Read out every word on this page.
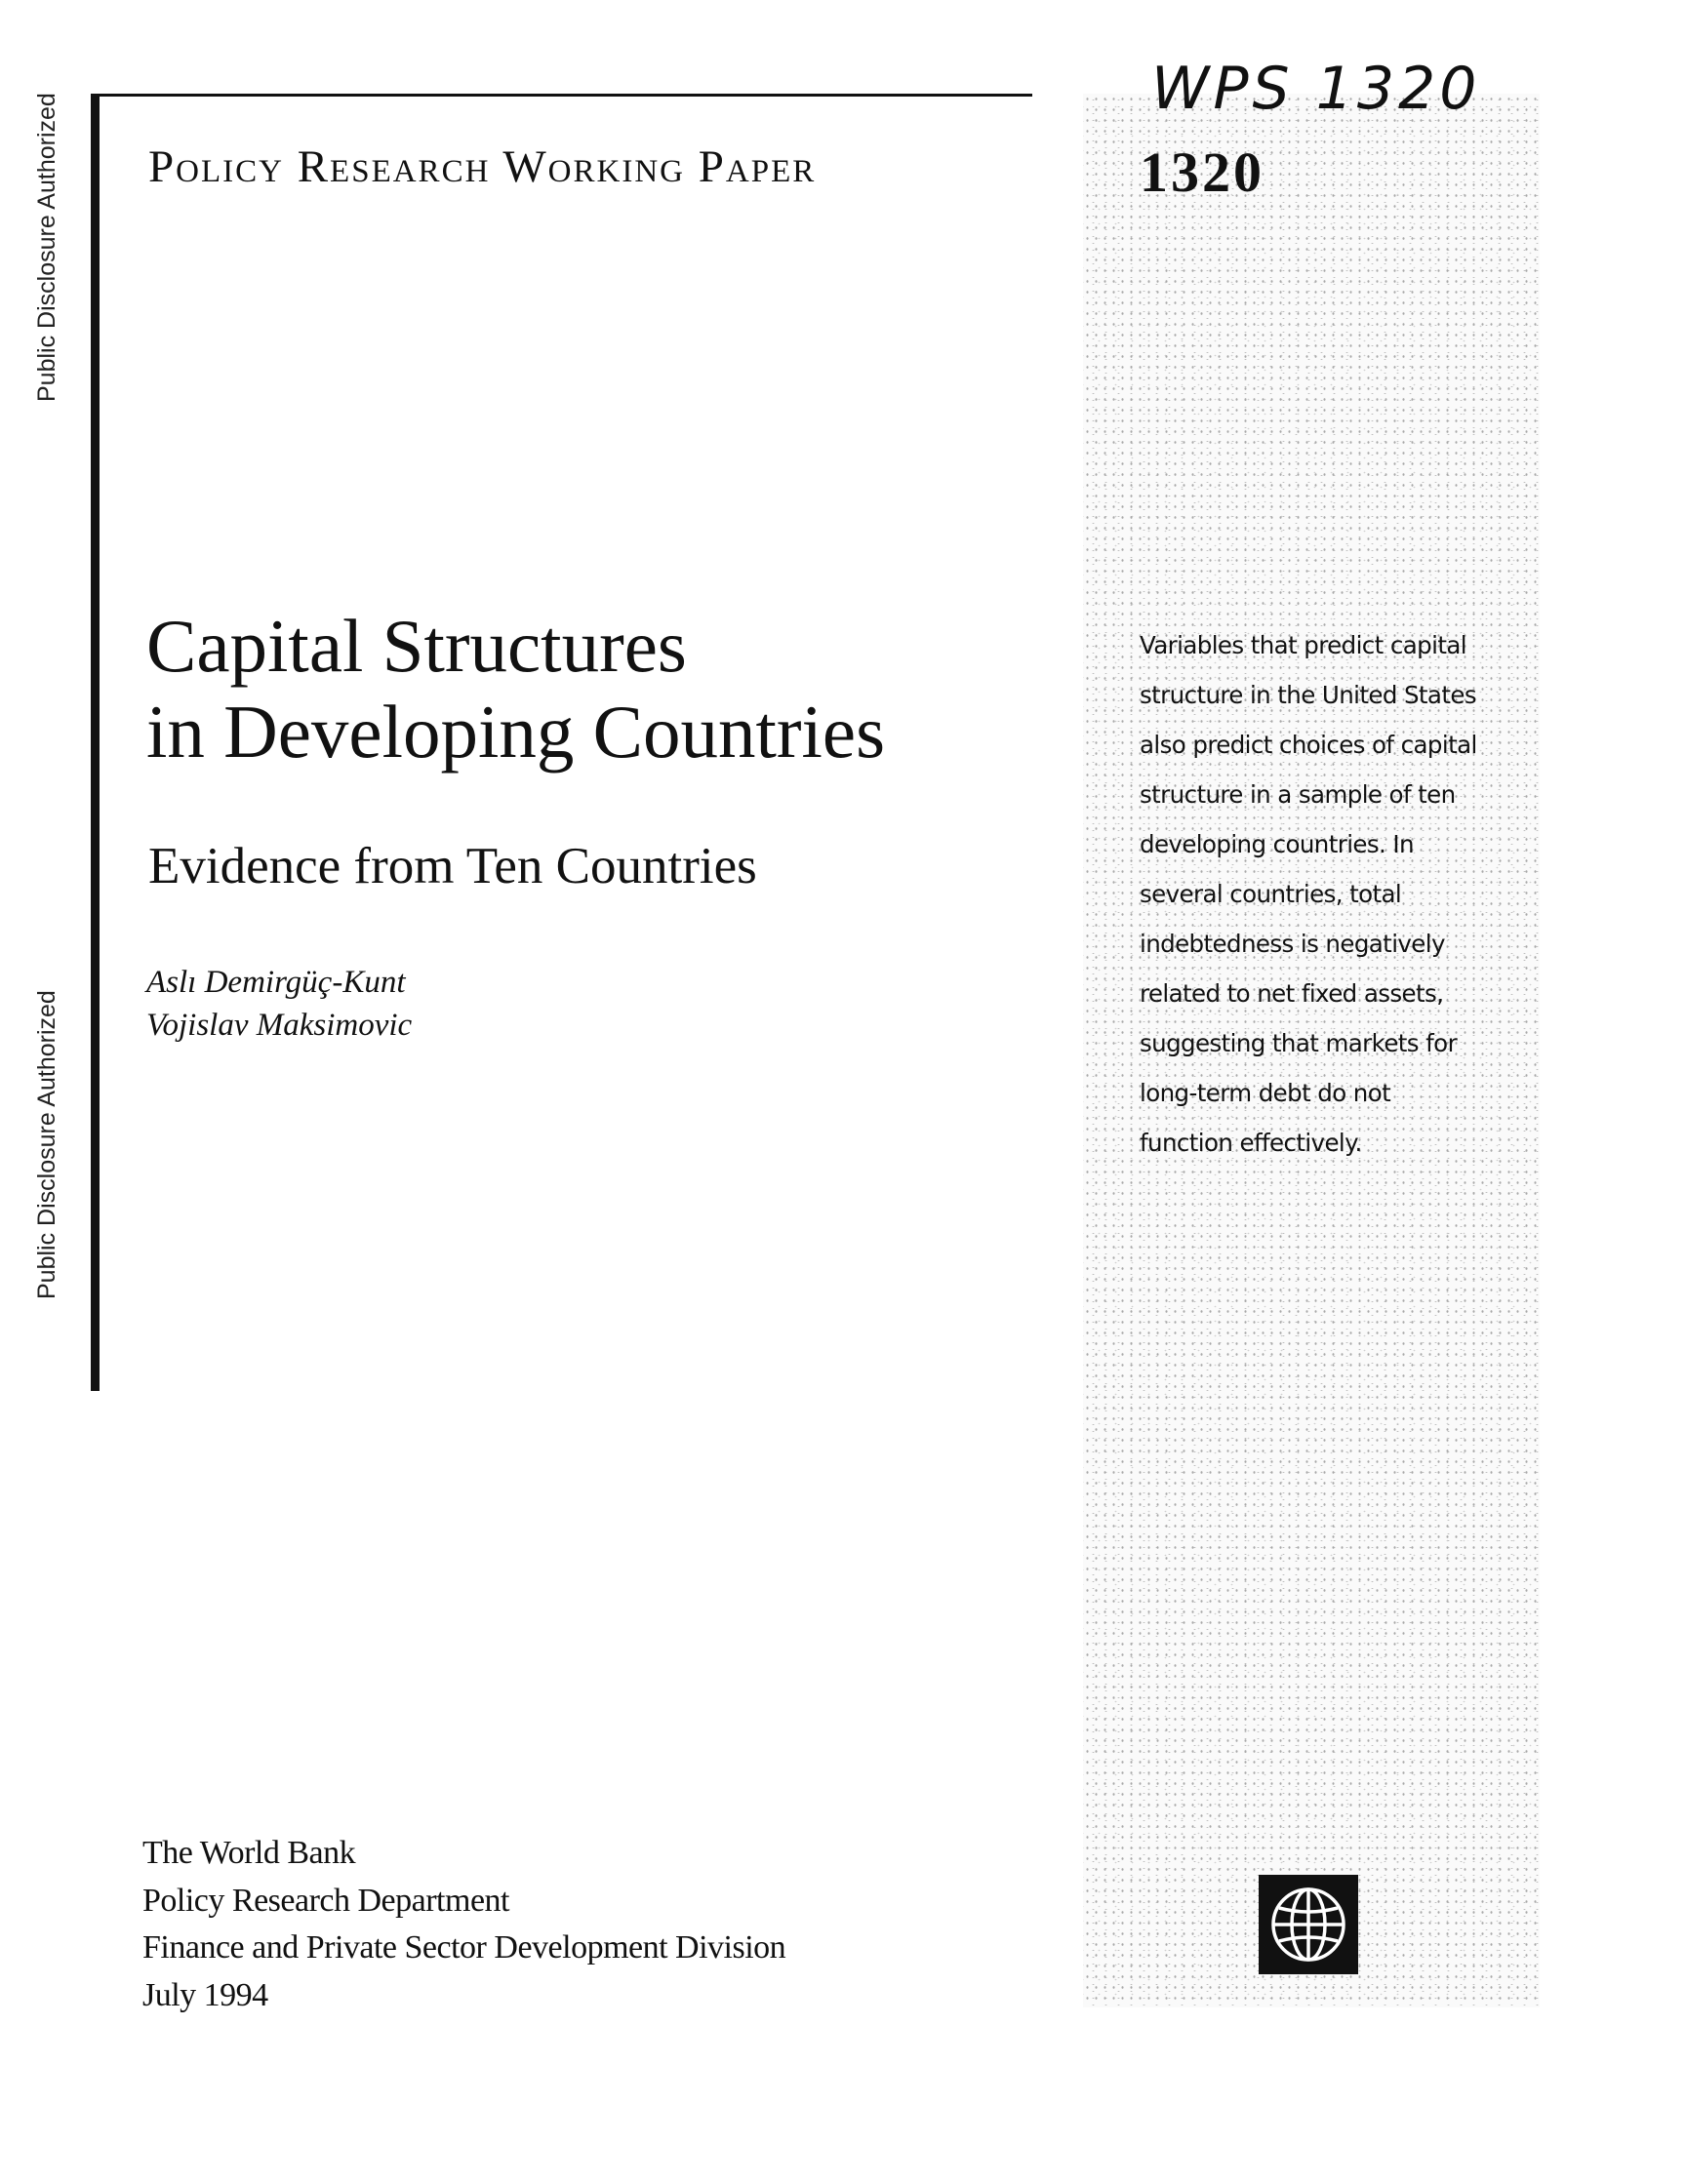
Public Disclosure Authorized
Public Disclosure Authorized
Policy Research Working Paper
WPS 1320
1320
Capital Structures
in Developing Countries
Evidence from Ten Countries
Aslı Demirgüç-Kunt
Vojislav Maksimovic
Variables that predict capital
structure in the United States
also predict choices of capital
structure in a sample of ten
developing countries. In
several countries, total
indebtedness is negatively
related to net fixed assets,
suggesting that markets for
long-term debt do not
function effectively.
The World Bank
Policy Research Department
Finance and Private Sector Development Division
July 1994
